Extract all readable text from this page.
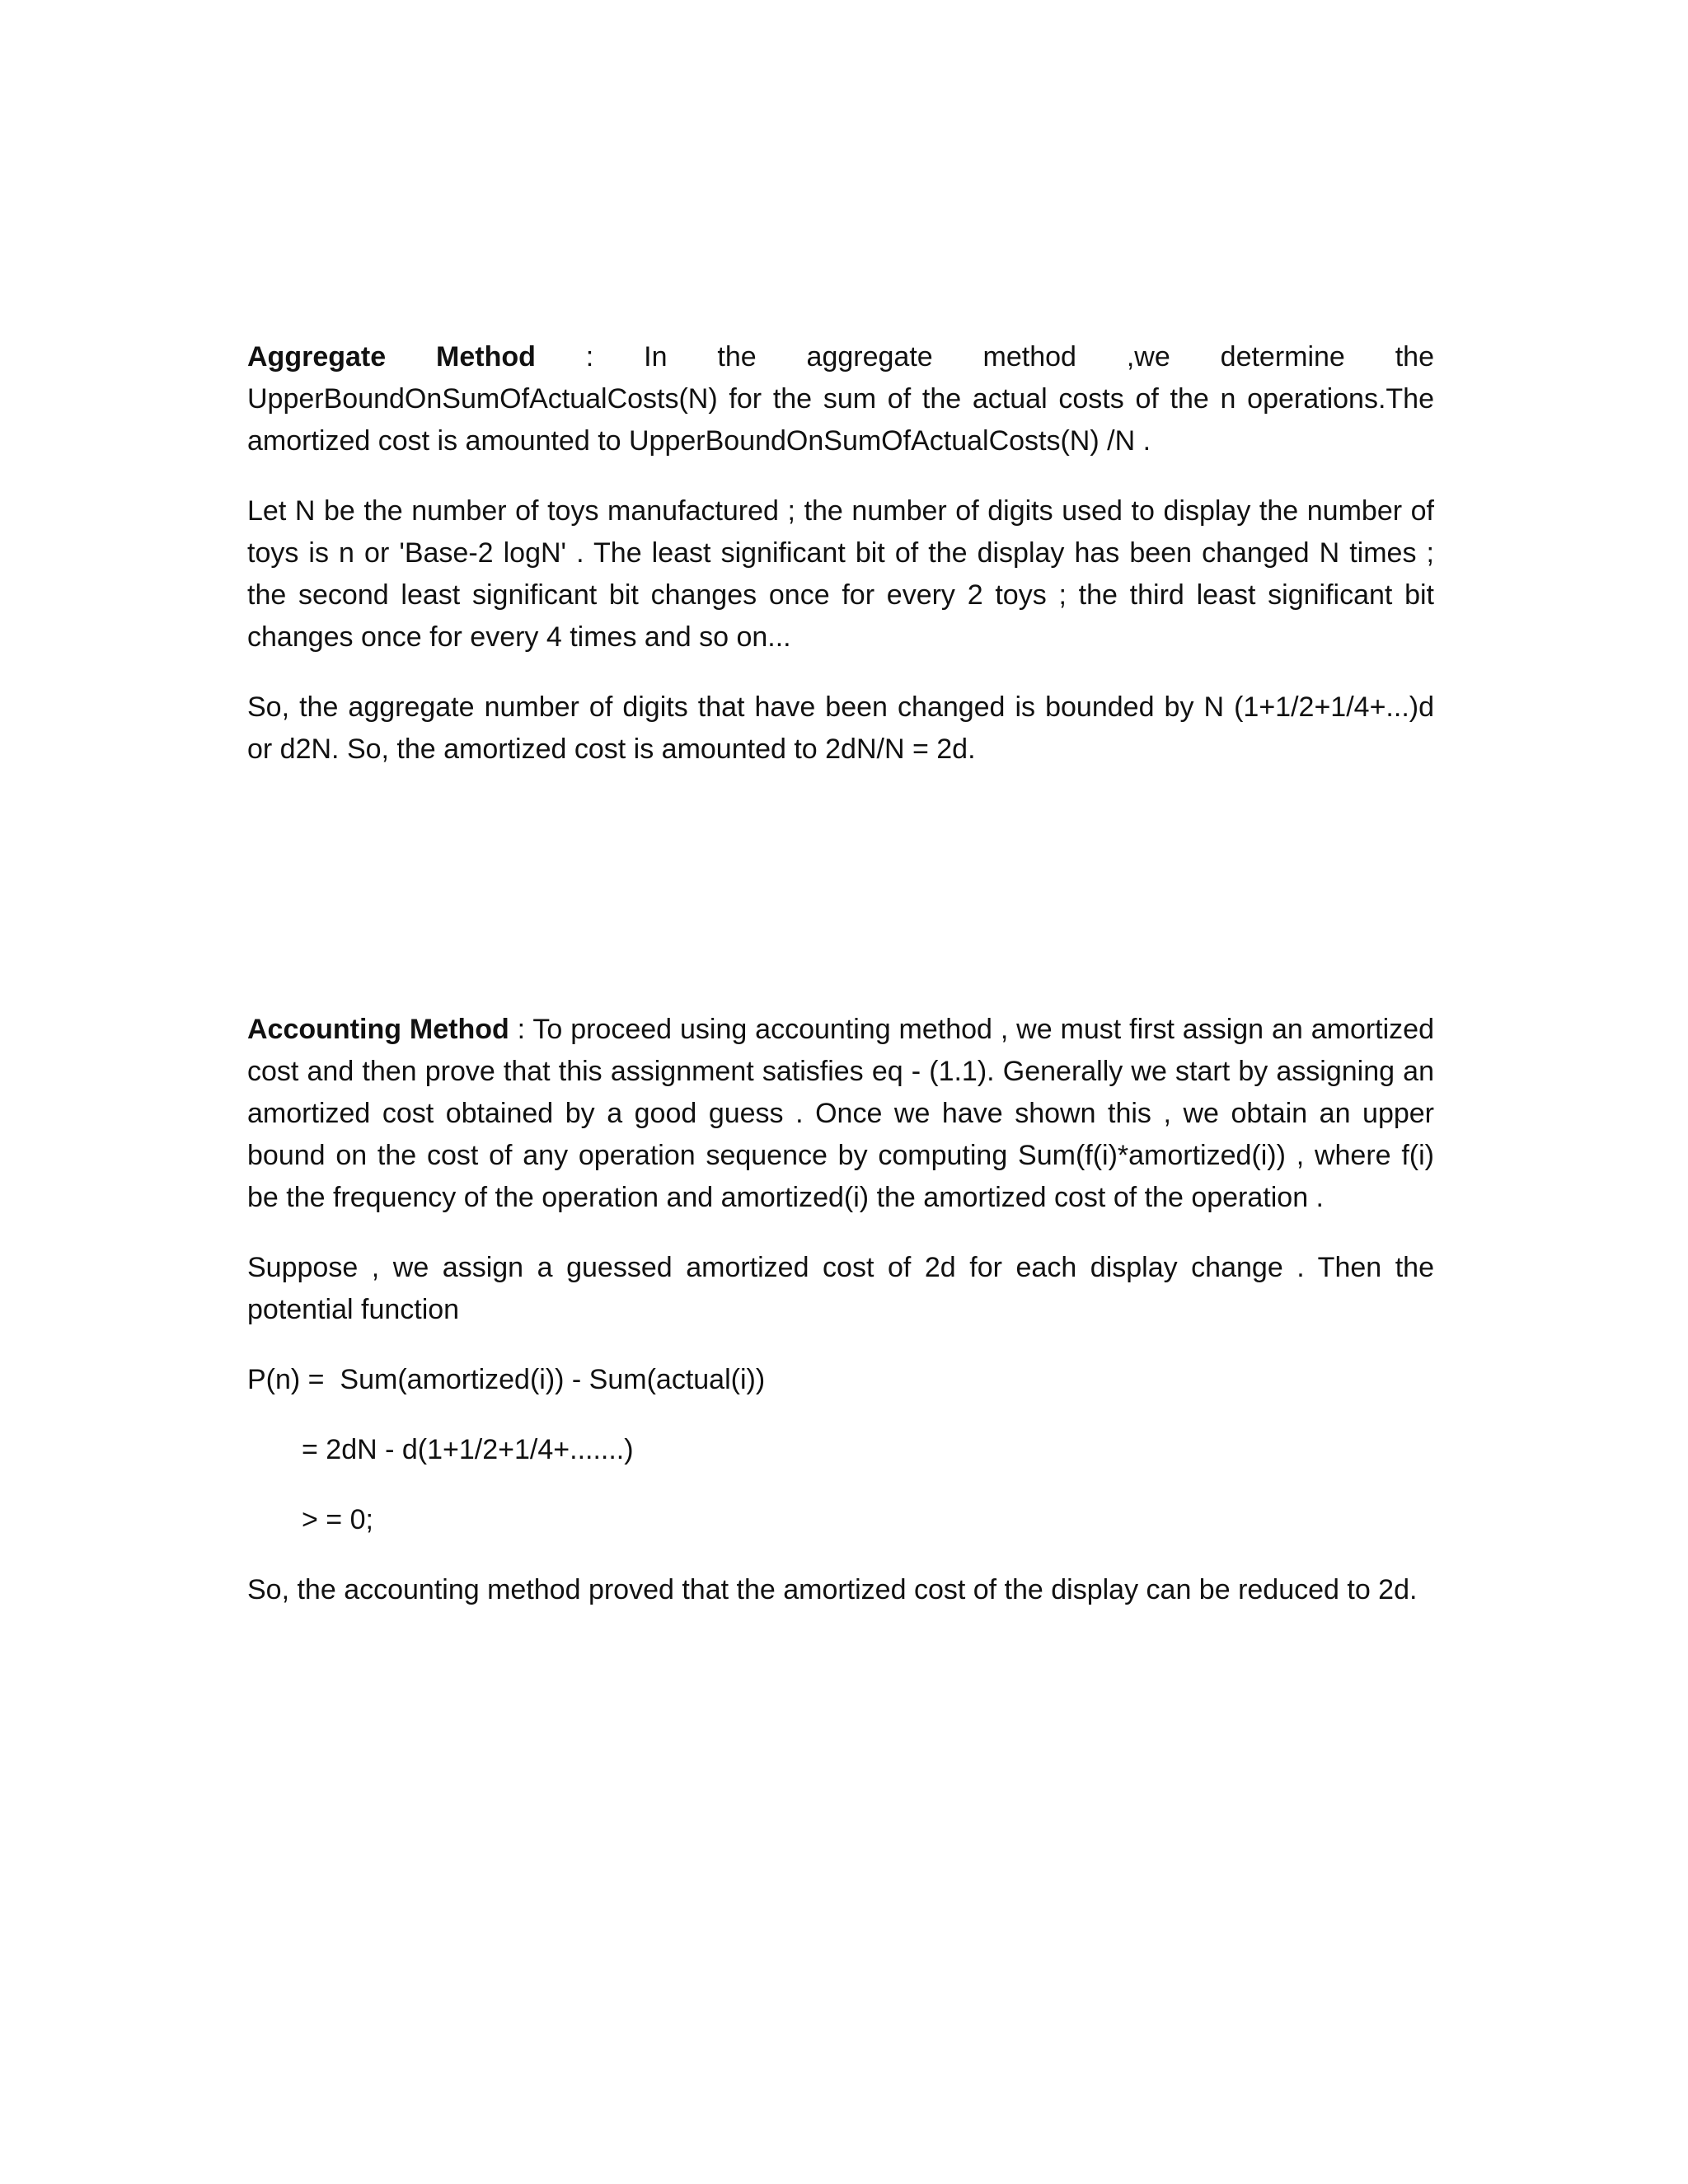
Aggregate Method : In the aggregate method ,we determine the UpperBoundOnSumOfActualCosts(N) for the sum of the actual costs of the n operations.The amortized cost is amounted to UpperBoundOnSumOfActualCosts(N) /N .

Let N be the number of toys manufactured ; the number of digits used to display the number of toys is n or 'Base-2 logN' . The least significant bit of the display has been changed N times ; the second least significant bit changes once for every 2 toys ; the third least significant bit changes once for every 4 times and so on...

So, the aggregate number of digits that have been changed is bounded by N (1+1/2+1/4+...)d or d2N. So, the amortized cost is amounted to 2dN/N = 2d.

Accounting Method : To proceed using accounting method , we must first assign an amortized cost and then prove that this assignment satisfies eq - (1.1). Generally we start by assigning an amortized cost obtained by a good guess . Once we have shown this , we obtain an upper bound on the cost of any operation sequence by computing Sum(f(i)*amortized(i)) , where f(i) be the frequency of the operation and amortized(i) the amortized cost of the operation .

Suppose , we assign a guessed amortized cost of 2d for each display change . Then the potential function

P(n) =  Sum(amortized(i)) - Sum(actual(i))

= 2dN - d(1+1/2+1/4+.......)

> = 0;

So, the accounting method proved that the amortized cost of the display can be reduced to 2d.
